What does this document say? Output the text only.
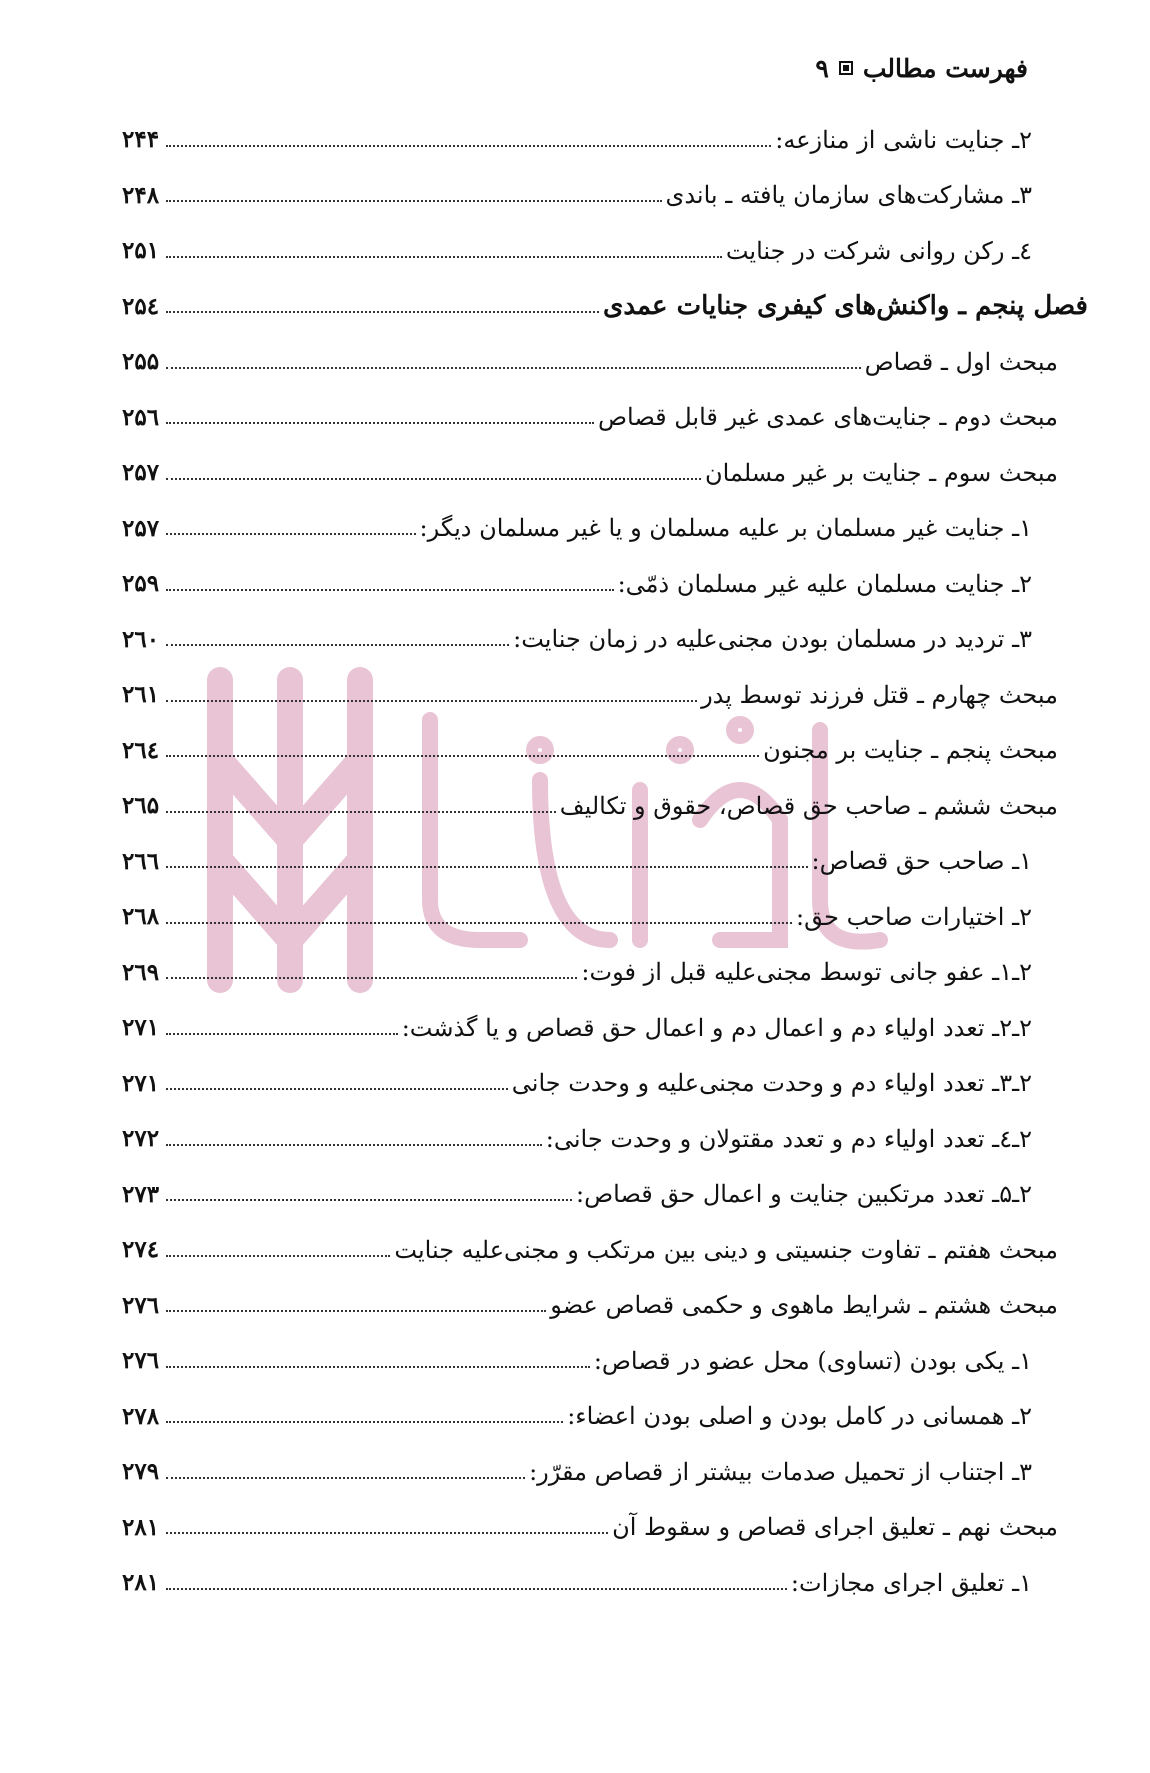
فهرست مطالب
۹
۲ـ جنایت ناشی از منازعه:
۲۴۴
۳ـ مشارکت‌های سازمان یافته ـ باندی
۲۴۸
٤ـ رکن روانی شرکت در جنایت
۲۵۱
فصل پنجم ـ واکنش‌های کیفری جنایات عمدی
۲۵٤
مبحث اول ـ قصاص
۲۵۵
مبحث دوم ـ جنایت‌های عمدی غیر قابل قصاص
۲۵٦
مبحث سوم ـ جنایت بر غیر مسلمان
۲۵۷
۱ـ جنایت غیر مسلمان بر علیه مسلمان و یا غیر مسلمان دیگر:
۲۵۷
۲ـ جنایت مسلمان علیه غیر مسلمان ذمّی:
۲۵۹
۳ـ تردید در مسلمان بودن مجنی‌علیه در زمان جنایت:
۲٦۰
مبحث چهارم ـ قتل فرزند توسط پدر
۲٦۱
مبحث پنجم ـ جنایت بر مجنون
۲٦٤
مبحث ششم ـ صاحب حق قصاص، حقوق و تکالیف
۲٦۵
۱ـ صاحب حق قصاص:
۲٦٦
۲ـ اختیارات صاحب حق:
۲٦۸
۲ـ۱ـ عفو جانی توسط مجنی‌علیه قبل از فوت:
۲٦۹
۲ـ۲ـ تعدد اولیاء دم و اعمال دم و اعمال حق قصاص و یا گذشت:
۲۷۱
۲ـ۳ـ تعدد اولیاء دم و وحدت مجنی‌علیه و وحدت جانی
۲۷۱
۲ـ٤ـ تعدد اولیاء دم و تعدد مقتولان و وحدت جانی:
۲۷۲
۲ـ۵ـ تعدد مرتکبین جنایت و اعمال حق قصاص:
۲۷۳
مبحث هفتم ـ تفاوت جنسیتی و دینی بین مرتکب و مجنی‌علیه جنایت
۲۷٤
مبحث هشتم ـ شرایط ماهوی و حکمی قصاص عضو
۲۷٦
۱ـ یکی بودن (تساوی) محل عضو در قصاص:
۲۷٦
۲ـ همسانی در کامل بودن و اصلی بودن اعضاء:
۲۷۸
۳ـ اجتناب از تحمیل صدمات بیشتر از قصاص مقرّر:
۲۷۹
مبحث نهم ـ تعلیق اجرای قصاص و سقوط آن
۲۸۱
۱ـ تعلیق اجرای مجازات:
۲۸۱
